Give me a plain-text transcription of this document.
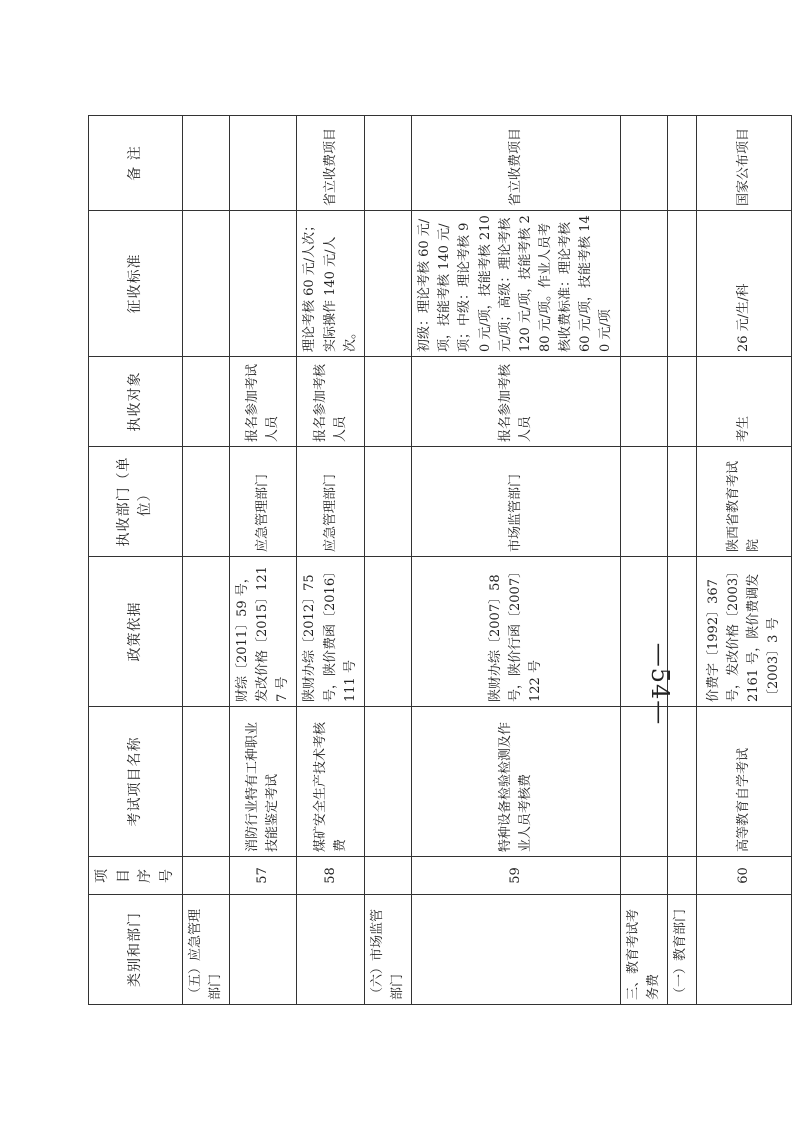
类别和部门	项目序号	考试项目名称	政策依据	执收部门（单位）	执收对象	征收标准	备 注
（五）应急管理部门							
	57	消防行业特有工种职业技能鉴定考试	财综〔2011〕59 号，发改价格〔2015〕1217 号	应急管理部门	报名参加考试人员		
	58	煤矿安全生产技术考核费	陕财办综〔2012〕75 号，陕价费函〔2016〕111 号	应急管理部门	报名参加考核人员	理论考核 60 元/人次；实际操作 140 元/人次。	省立收费项目
（六）市场监管部门							
	59	特种设备检验检测及作业人员考核费	陕财办综〔2007〕58 号，陕价行函〔2007〕122 号	市场监管部门	报名参加考核人员	初级：理论考核 60 元/项，技能考核 140 元/项；中级：理论考核 90 元/项，技能考核 210 元/项；高级：理论考核 120 元/项，技能考核 280 元/项。作业人员考核收费标准：理论考核 60 元/项，技能考核 140 元/项	省立收费项目
三、教育考试考务费							
（一）教育部门							
	60	高等教育自学考试	价费字〔1992〕367 号，发改价格〔2003〕2161 号，陕价费调发〔2003〕3 号	陕西省教育考试院	考生	26 元/生/科	国家公布项目
—54—
